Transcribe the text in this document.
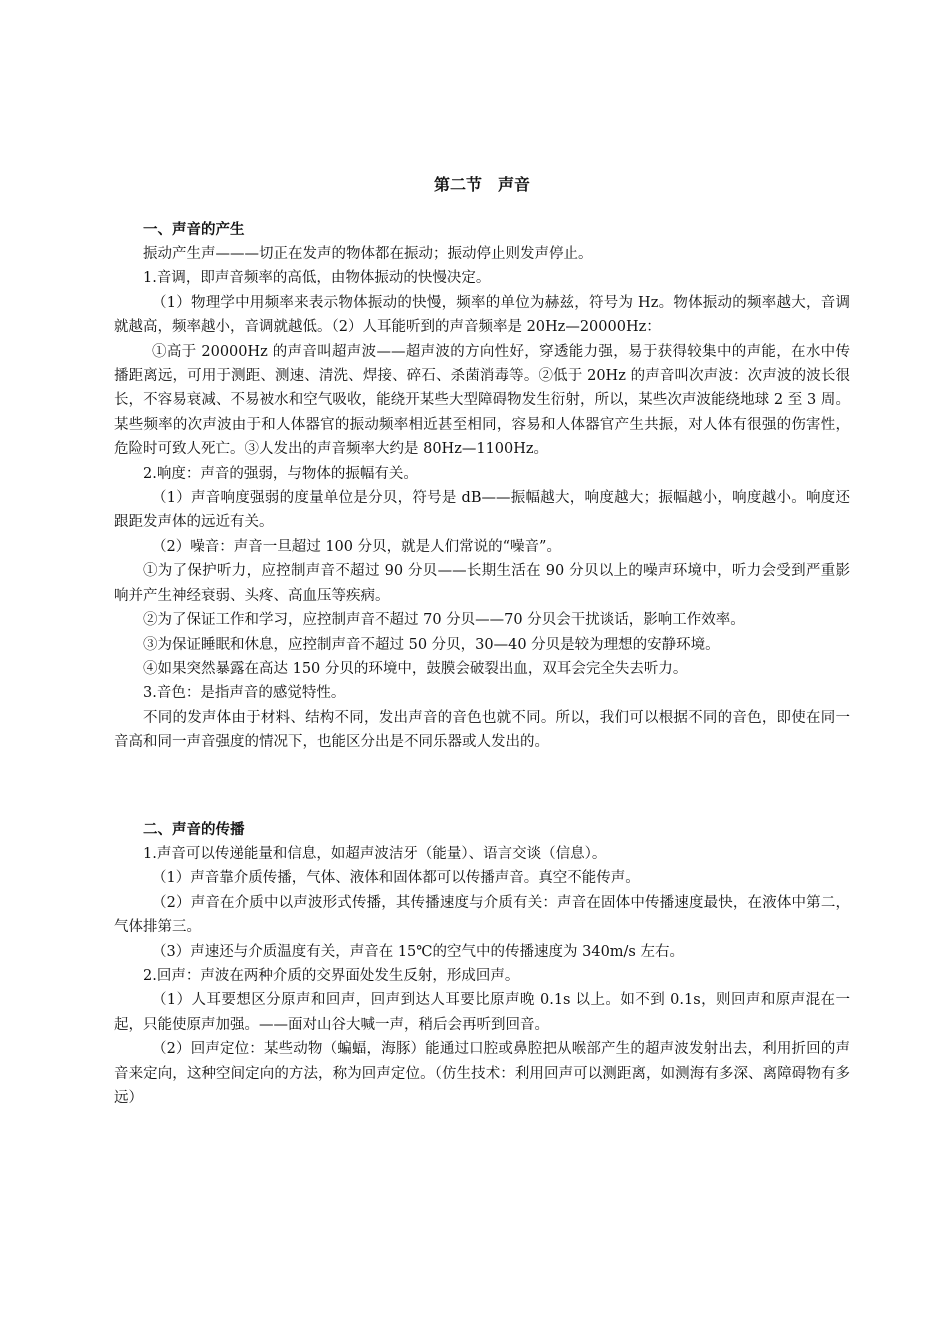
第二节　声音
一、声音的产生

振动产生声———切正在发声的物体都在振动；振动停止则发声停止。

1.音调，即声音频率的高低，由物体振动的快慢决定。

（1）物理学中用频率来表示物体振动的快慢，频率的单位为赫兹，符号为 Hz。物体振动的频率越大，音调就越高，频率越小，音调就越低。（2）人耳能听到的声音频率是 20Hz—20000Hz：

①高于 20000Hz 的声音叫超声波——超声波的方向性好，穿透能力强，易于获得较集中的声能，在水中传播距离远，可用于测距、测速、清洗、焊接、碎石、杀菌消毒等。②低于 20Hz 的声音叫次声波：次声波的波长很长，不容易衰减、不易被水和空气吸收，能绕开某些大型障碍物发生衍射，所以，某些次声波能绕地球 2 至 3 周。某些频率的次声波由于和人体器官的振动频率相近甚至相同，容易和人体器官产生共振，对人体有很强的伤害性，危险时可致人死亡。③人发出的声音频率大约是 80Hz—1100Hz。

2.响度：声音的强弱，与物体的振幅有关。

（1）声音响度强弱的度量单位是分贝，符号是 dB——振幅越大，响度越大；振幅越小，响度越小。响度还跟距发声体的远近有关。

（2）噪音：声音一旦超过 100 分贝，就是人们常说的“噪音”。

①为了保护听力，应控制声音不超过 90 分贝——长期生活在 90 分贝以上的噪声环境中，听力会受到严重影响并产生神经衰弱、头疼、高血压等疾病。

②为了保证工作和学习，应控制声音不超过 70 分贝——70 分贝会干扰谈话，影响工作效率。

③为保证睡眠和休息，应控制声音不超过 50 分贝，30—40 分贝是较为理想的安静环境。

④如果突然暴露在高达 150 分贝的环境中，鼓膜会破裂出血，双耳会完全失去听力。

3.音色：是指声音的感觉特性。

不同的发声体由于材料、结构不同，发出声音的音色也就不同。所以，我们可以根据不同的音色，即使在同一音高和同一声音强度的情况下，也能区分出是不同乐器或人发出的。

二、声音的传播

1.声音可以传递能量和信息，如超声波洁牙（能量）、语言交谈（信息）。

（1）声音靠介质传播，气体、液体和固体都可以传播声音。真空不能传声。

（2）声音在介质中以声波形式传播，其传播速度与介质有关：声音在固体中传播速度最快，在液体中第二，气体排第三。

（3）声速还与介质温度有关，声音在 15℃的空气中的传播速度为 340m/s 左右。

2.回声：声波在两种介质的交界面处发生反射，形成回声。

（1）人耳要想区分原声和回声，回声到达人耳要比原声晚 0.1s 以上。如不到 0.1s，则回声和原声混在一起，只能使原声加强。——面对山谷大喊一声，稍后会再听到回音。

（2）回声定位：某些动物（蝙蝠，海豚）能通过口腔或鼻腔把从喉部产生的超声波发射出去，利用折回的声音来定向，这种空间定向的方法，称为回声定位。（仿生技术：利用回声可以测距离，如测海有多深、离障碍物有多远）
